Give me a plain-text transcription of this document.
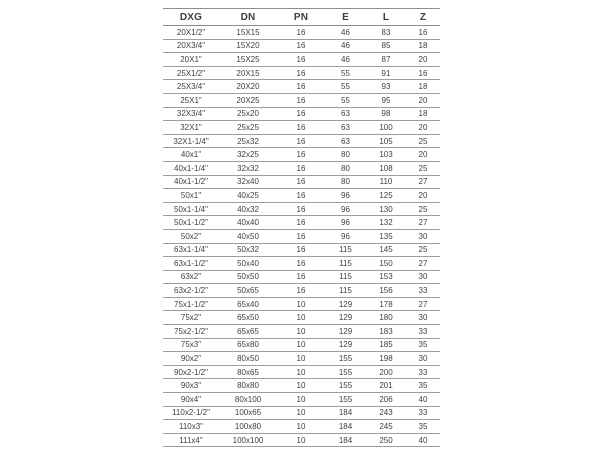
DXG	DN	PN	E	L	Z
20X1/2"	15X15	16	46	83	16
20X3/4"	15X20	16	46	85	18
20X1"	15X25	16	46	87	20
25X1/2"	20X15	16	55	91	16
25X3/4"	20X20	16	55	93	18
25X1"	20X25	16	55	95	20
32X3/4"	25x20	16	63	98	18
32X1"	25x25	16	63	100	20
32X1-1/4"	25x32	16	63	105	25
40x1"	32x25	16	80	103	20
40x1-1/4"	32x32	16	80	108	25
40x1-1/2"	32x40	16	80	110	27
50x1"	40x25	16	96	125	20
50x1-1/4"	40x32	16	96	130	25
50x1-1/2"	40x40	16	96	132	27
50x2"	40x50	16	96	135	30
63x1-1/4"	50x32	16	115	145	25
63x1-1/2"	50x40	16	115	150	27
63x2"	50x50	16	115	153	30
63x2-1/2"	50x65	16	115	156	33
75x1-1/2"	65x40	10	129	178	27
75x2"	65x50	10	129	180	30
75x2-1/2"	65x65	10	129	183	33
75x3"	65x80	10	129	185	35
90x2"	80x50	10	155	198	30
90x2-1/2"	80x65	10	155	200	33
90x3"	80x80	10	155	201	35
90x4"	80x100	10	155	206	40
110x2-1/2"	100x65	10	184	243	33
110x3"	100x80	10	184	245	35
111x4"	100x100	10	184	250	40
